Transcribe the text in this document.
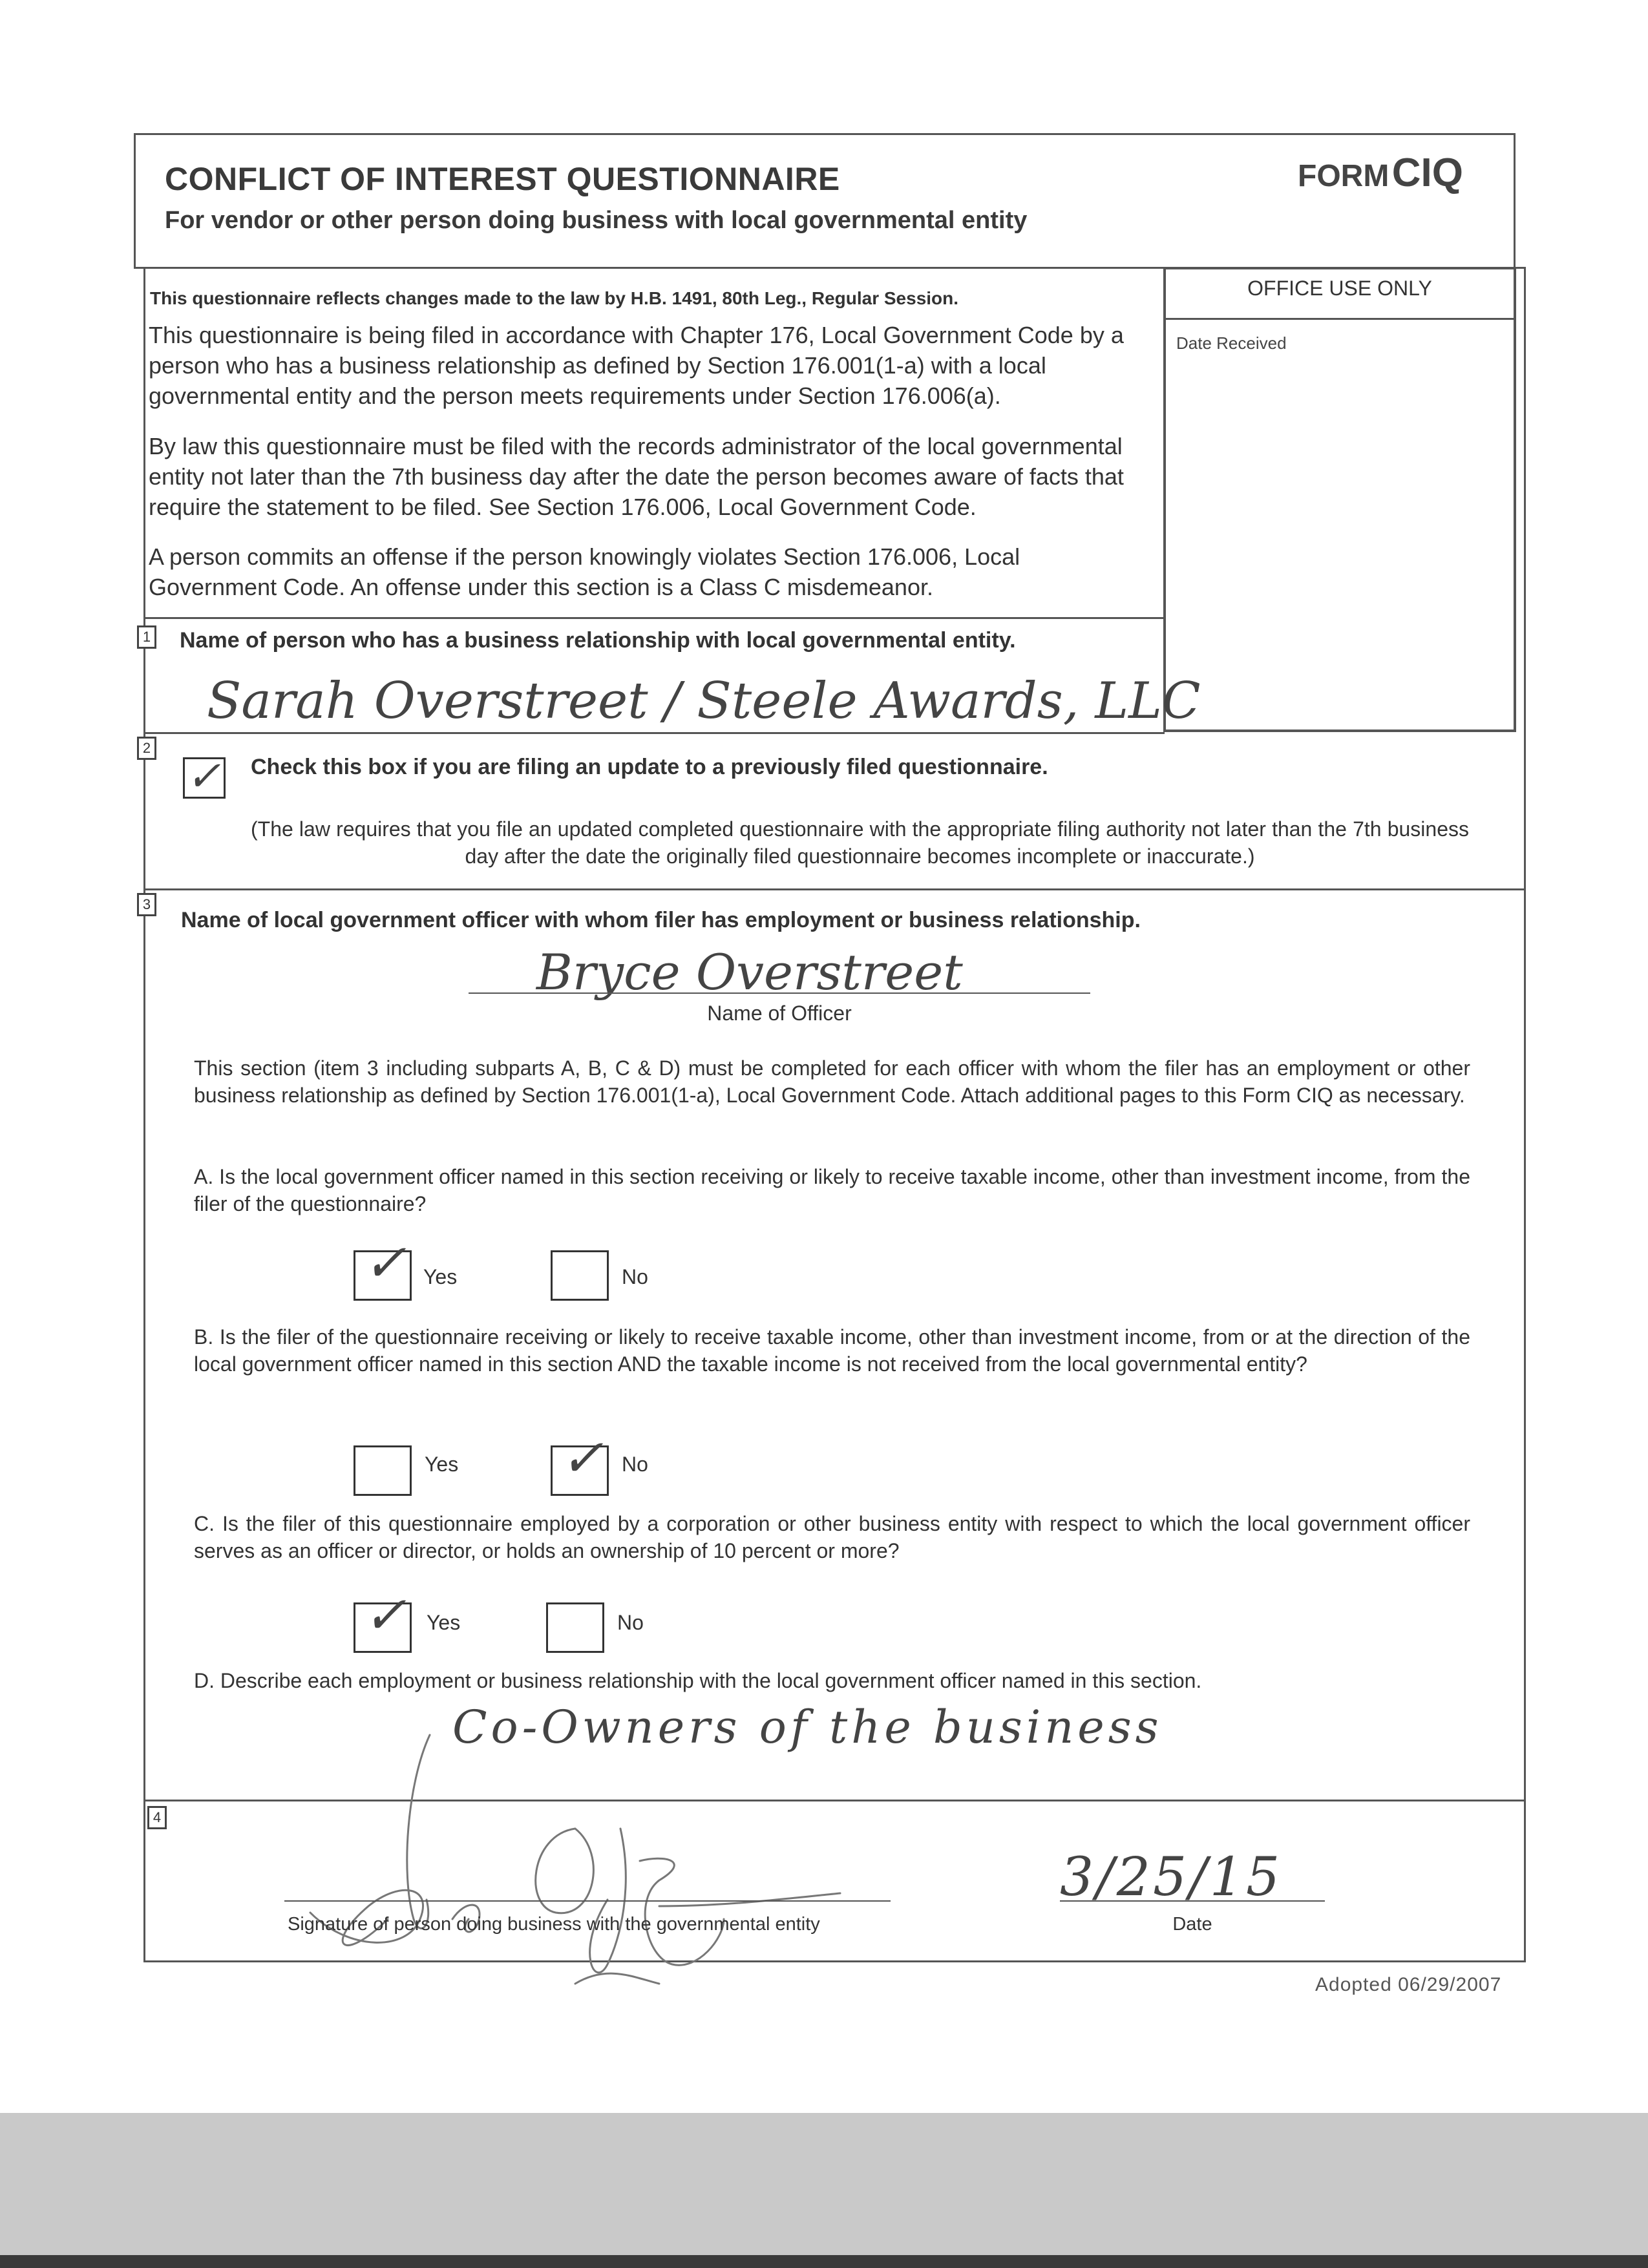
CONFLICT OF INTEREST QUESTIONNAIRE
For vendor or other person doing business with local governmental entity
FORM CIQ
OFFICE USE ONLY
Date Received
This questionnaire reflects changes made to the law by H.B. 1491, 80th Leg., Regular Session.
This questionnaire is being filed in accordance with Chapter 176, Local Government Code by a person who has a business relationship as defined by Section 176.001(1-a) with a local governmental entity and the person meets requirements under Section 176.006(a).
By law this questionnaire must be filed with the records administrator of the local governmental entity not later than the 7th business day after the date the person becomes aware of facts that require the statement to be filed. See Section 176.006, Local Government Code.
A person commits an offense if the person knowingly violates Section 176.006, Local Government Code. An offense under this section is a Class C misdemeanor.
1 Name of person who has a business relationship with local governmental entity.
Sarah Overstreet / Steele Awards, LLC
2
✓ Check this box if you are filing an update to a previously filed questionnaire.
(The law requires that you file an updated completed questionnaire with the appropriate filing authority not later than the 7th business day after the date the originally filed questionnaire becomes incomplete or inaccurate.)
3
Name of local government officer with whom filer has employment or business relationship.
Bryce Overstreet
Name of Officer
This section (item 3 including subparts A, B, C & D) must be completed for each officer with whom the filer has an employment or other business relationship as defined by Section 176.001(1-a), Local Government Code. Attach additional pages to this Form CIQ as necessary.
A. Is the local government officer named in this section receiving or likely to receive taxable income, other than investment income, from the filer of the questionnaire?
✓ Yes	No
B. Is the filer of the questionnaire receiving or likely to receive taxable income, other than investment income, from or at the direction of the local government officer named in this section AND the taxable income is not received from the local governmental entity?
Yes ✓ No
C. Is the filer of this questionnaire employed by a corporation or other business entity with respect to which the local government officer serves as an officer or director, or holds an ownership of 10 percent or more?
✓ Yes	No
D. Describe each employment or business relationship with the local government officer named in this section.
Co-Owners of the business
4
Signature of person doing business with the governmental entity
3/25/15
Date
Adopted 06/29/2007
